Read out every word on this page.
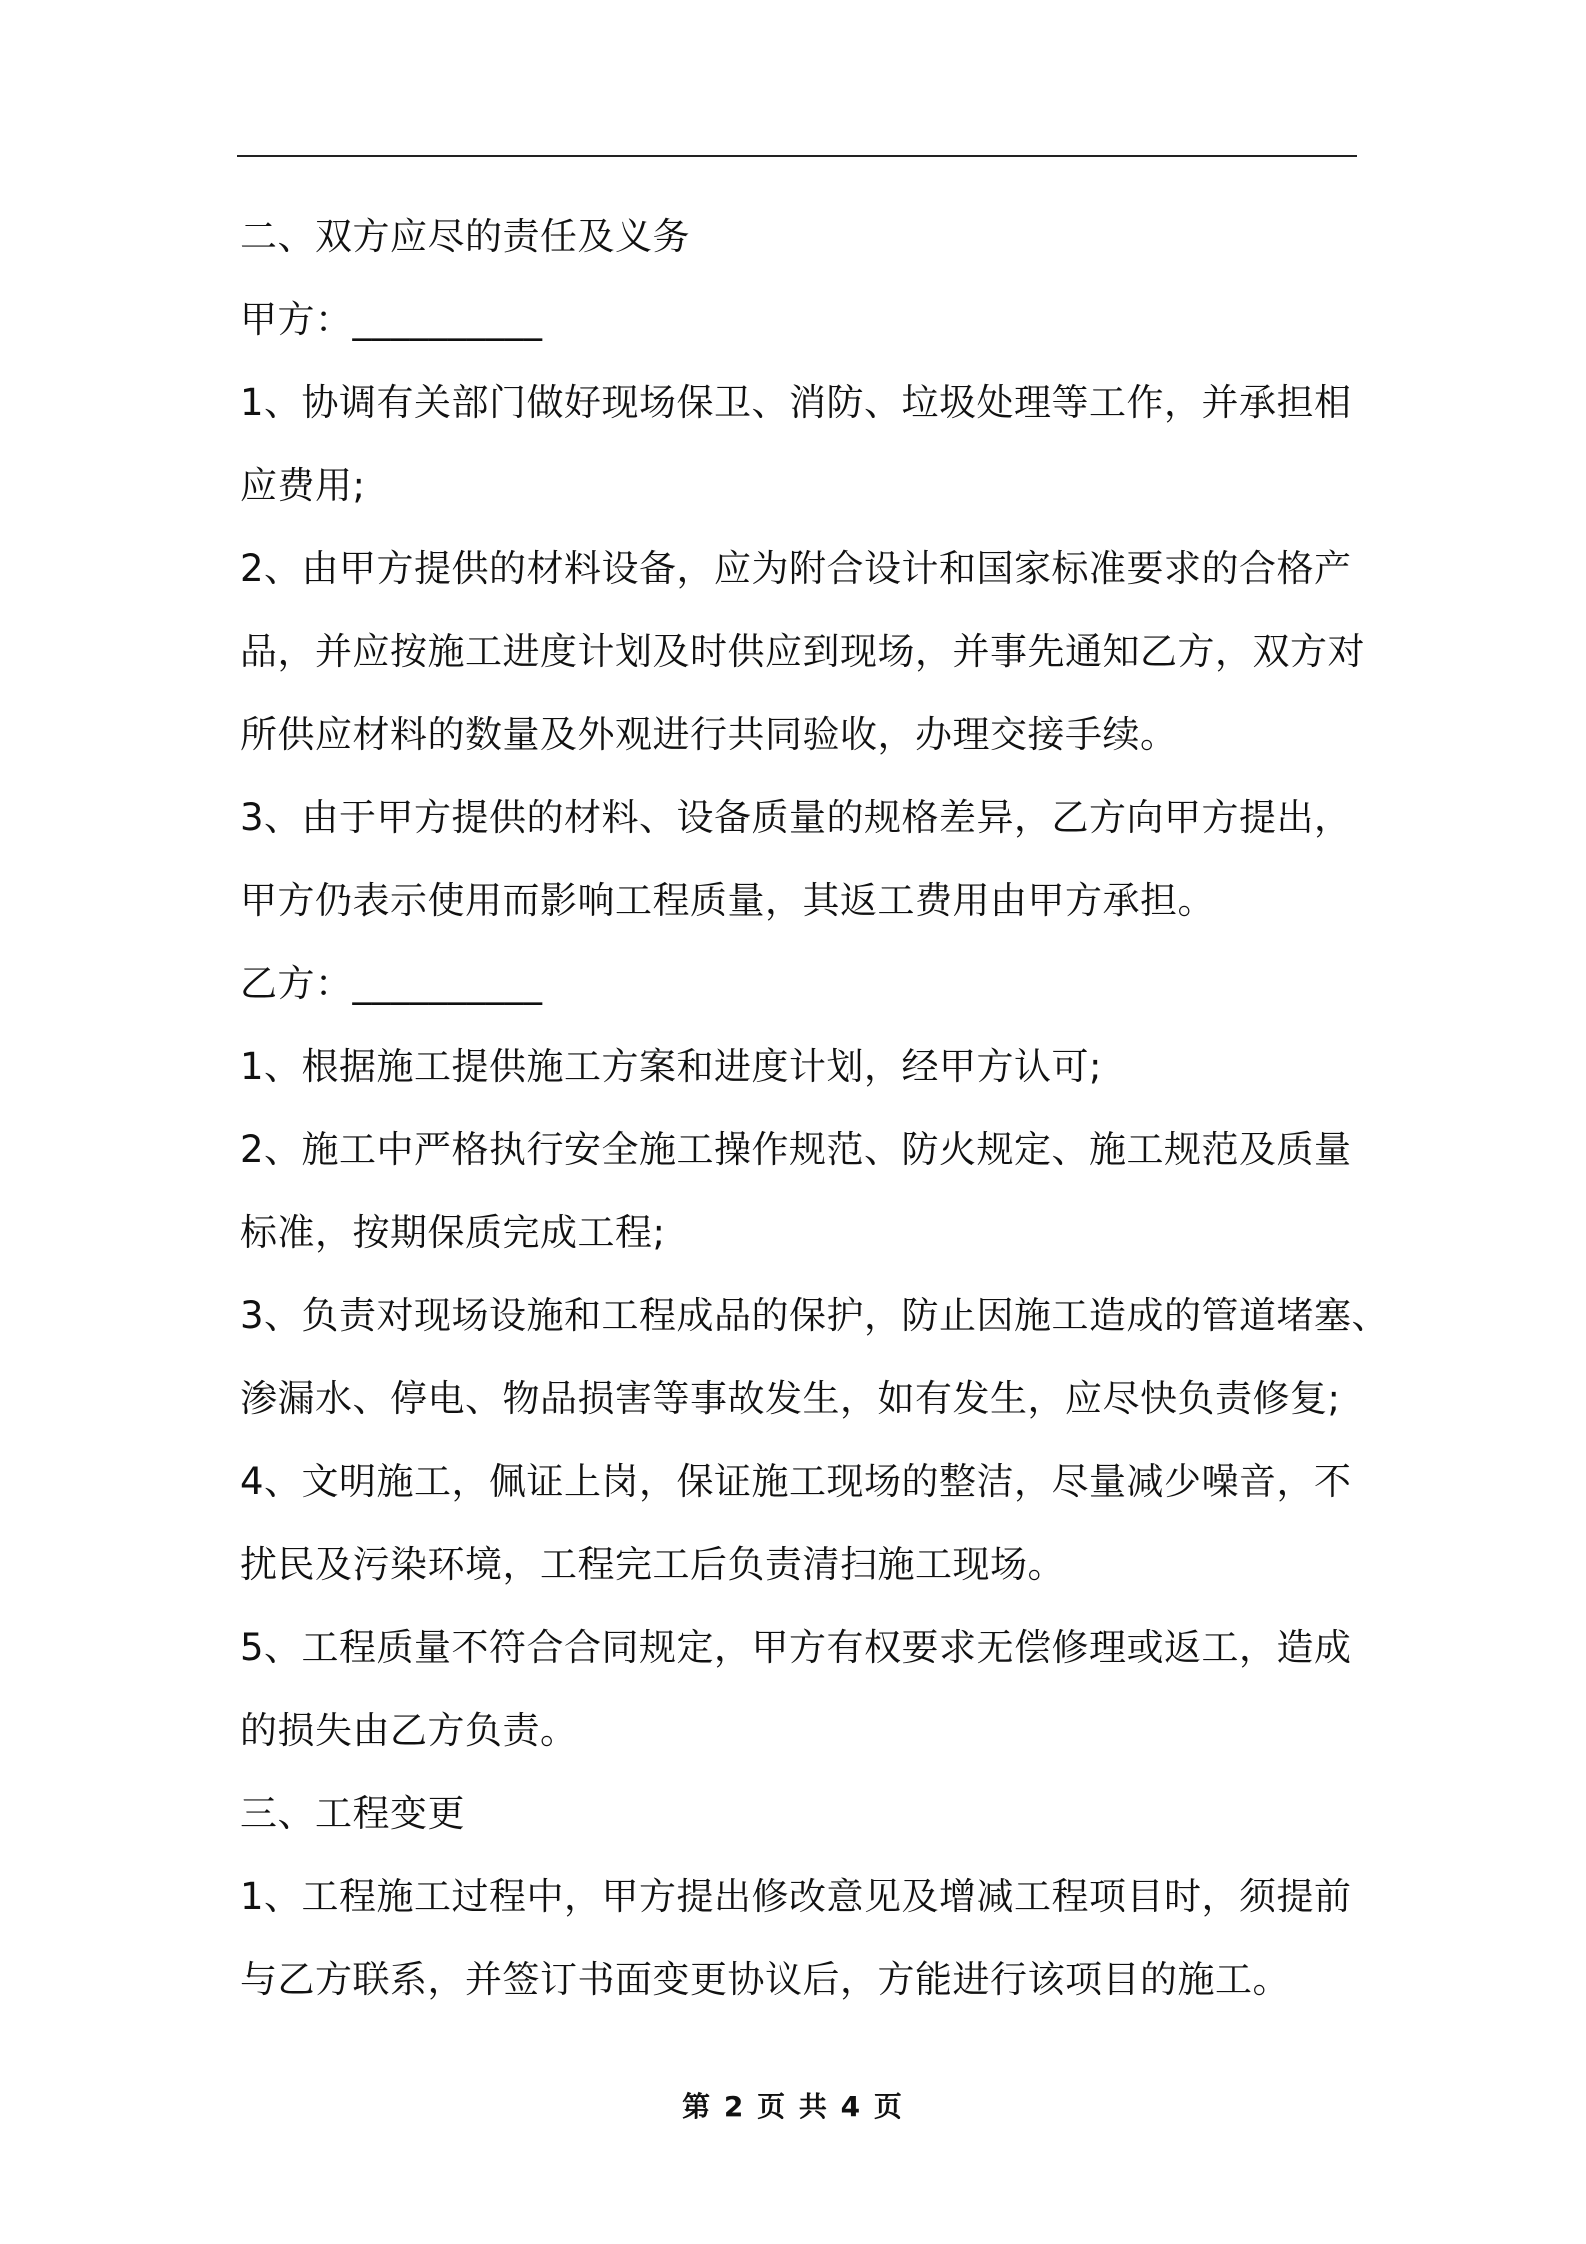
二、双方应尽的责任及义务

甲方：__________

1、协调有关部门做好现场保卫、消防、垃圾处理等工作，并承担相

应费用;

2、由甲方提供的材料设备，应为附合设计和国家标准要求的合格产

品，并应按施工进度计划及时供应到现场，并事先通知乙方，双方对

所供应材料的数量及外观进行共同验收，办理交接手续。

3、由于甲方提供的材料、设备质量的规格差异，乙方向甲方提出，

甲方仍表示使用而影响工程质量，其返工费用由甲方承担。

乙方：__________

1、根据施工提供施工方案和进度计划，经甲方认可;

2、施工中严格执行安全施工操作规范、防火规定、施工规范及质量

标准，按期保质完成工程;

3、负责对现场设施和工程成品的保护，防止因施工造成的管道堵塞、

渗漏水、停电、物品损害等事故发生，如有发生，应尽快负责修复;

4、文明施工，佩证上岗，保证施工现场的整洁，尽量减少噪音，不

扰民及污染环境，工程完工后负责清扫施工现场。

5、工程质量不符合合同规定，甲方有权要求无偿修理或返工，造成

的损失由乙方负责。

三、工程变更

1、工程施工过程中，甲方提出修改意见及增减工程项目时，须提前

与乙方联系，并签订书面变更协议后，方能进行该项目的施工。

第 2 页 共 4 页
